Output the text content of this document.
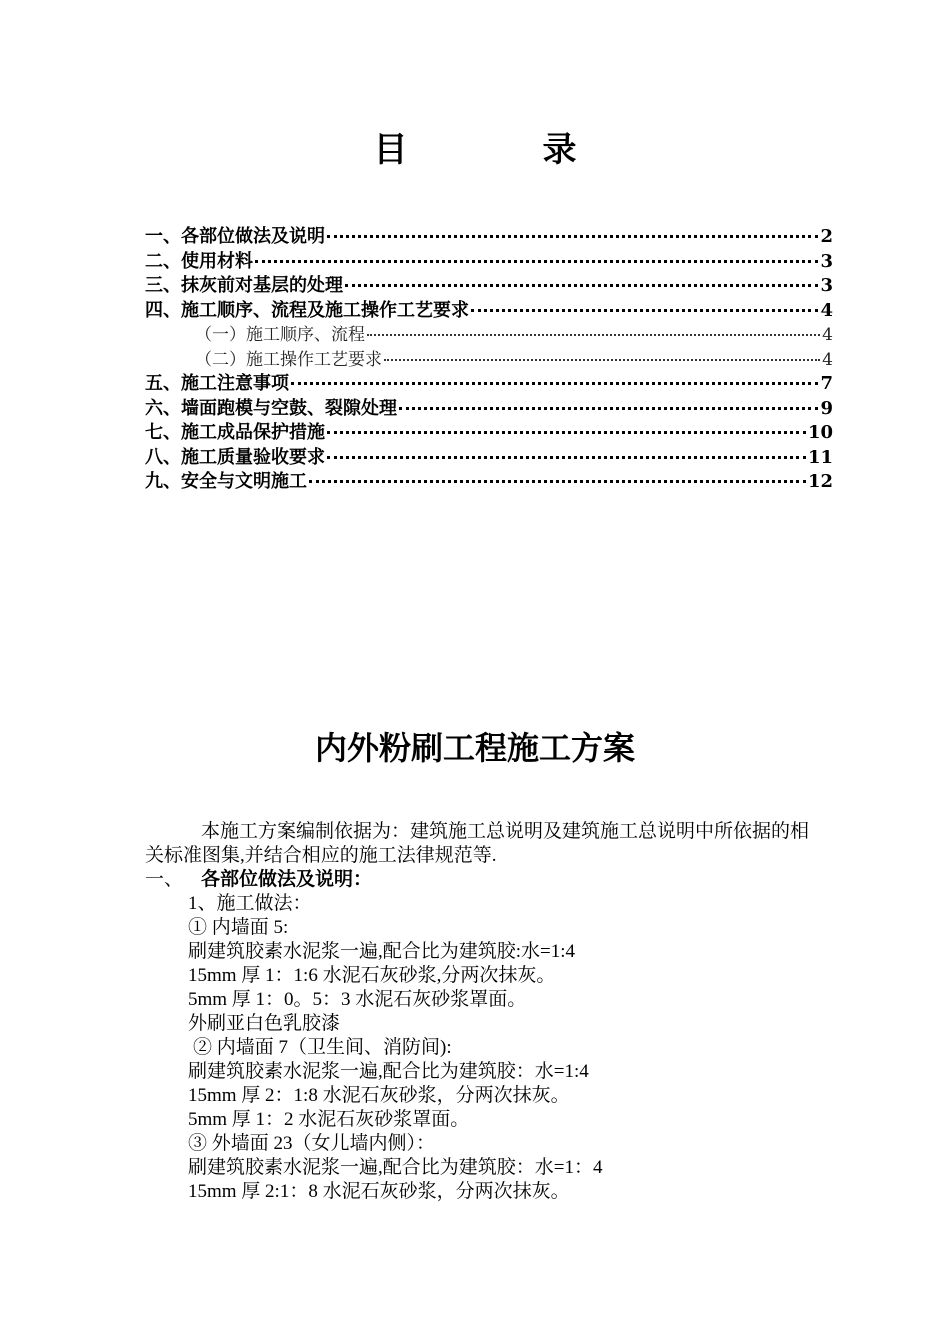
目	录
一、各部位做法及说明	2
二、使用材料	3
三、抹灰前对基层的处理	3
四、施工顺序、流程及施工操作工艺要求	4
（一）施工顺序、流程	4
（二）施工操作工艺要求	4
五、施工注意事项	7
六、墙面跑模与空鼓、裂隙处理	9
七、施工成品保护措施	10
八、施工质量验收要求	11
九、安全与文明施工	12
内外粉刷工程施工方案

本施工方案编制依据为：建筑施工总说明及建筑施工总说明中所依据的相关标准图集,并结合相应的施工法律规范等.

一、 各部位做法及说明：

1、施工做法：

① 内墙面 5:

刷建筑胶素水泥浆一遍,配合比为建筑胶:水=1:4

15mm 厚 1：1:6 水泥石灰砂浆,分两次抹灰。

5mm 厚 1：0。5：3 水泥石灰砂浆罩面。

外刷亚白色乳胶漆

② 内墙面 7（卫生间、消防间):

刷建筑胶素水泥浆一遍,配合比为建筑胶：水=1:4

15mm 厚 2：1:8 水泥石灰砂浆，分两次抹灰。

5mm 厚 1：2 水泥石灰砂浆罩面。

③ 外墙面 23（女儿墙内侧）：

刷建筑胶素水泥浆一遍,配合比为建筑胶：水=1：4

15mm 厚 2:1：8 水泥石灰砂浆，分两次抹灰。
